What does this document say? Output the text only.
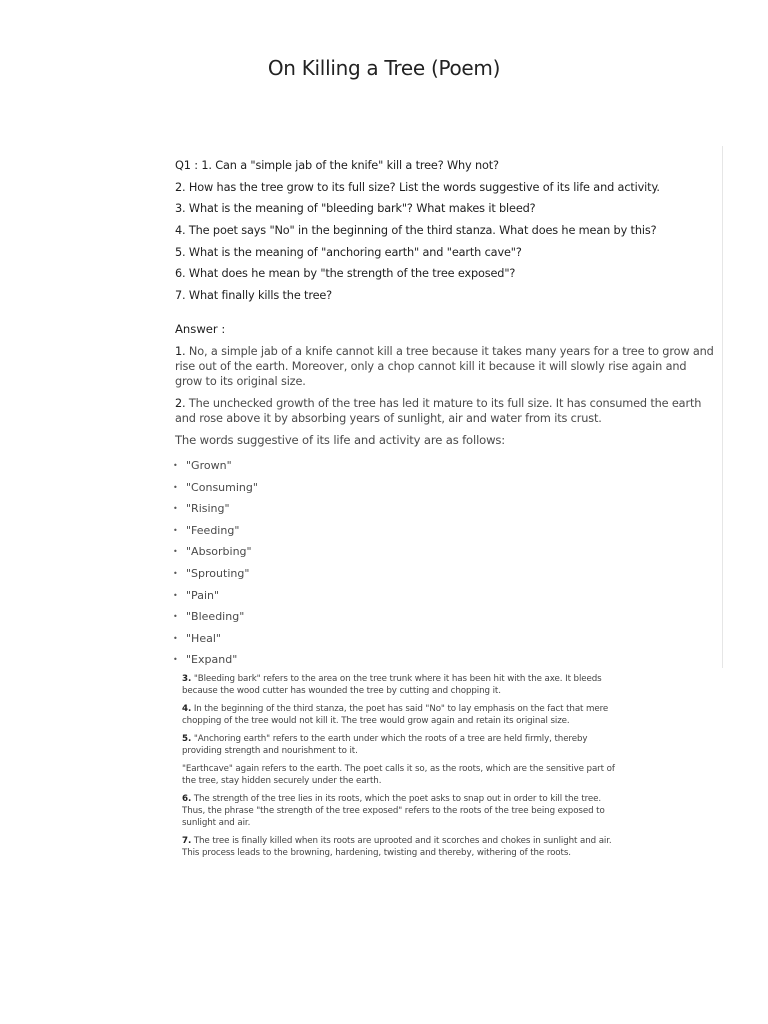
On Killing a Tree (Poem)
Q1 : 1. Can a "simple jab of the knife" kill a tree? Why not?
2. How has the tree grow to its full size? List the words suggestive of its life and activity.
3. What is the meaning of "bleeding bark"? What makes it bleed?
4. The poet says "No" in the beginning of the third stanza. What does he mean by this?
5. What is the meaning of "anchoring earth" and "earth cave"?
6. What does he mean by "the strength of the tree exposed"?
7. What finally kills the tree?
Answer :
1. No, a simple jab of a knife cannot kill a tree because it takes many years for a tree to grow and rise out of the earth. Moreover, only a chop cannot kill it because it will slowly rise again and grow to its original size.
2. The unchecked growth of the tree has led it mature to its full size. It has consumed the earth and rose above it by absorbing years of sunlight, air and water from its crust.
The words suggestive of its life and activity are as follows:
• "Grown"
• "Consuming"
• "Rising"
• "Feeding"
• "Absorbing"
• "Sprouting"
• "Pain"
• "Bleeding"
• "Heal"
• "Expand"
3. "Bleeding bark" refers to the area on the tree trunk where it has been hit with the axe. It bleeds because the wood cutter has wounded the tree by cutting and chopping it.
4. In the beginning of the third stanza, the poet has said "No" to lay emphasis on the fact that mere chopping of the tree would not kill it. The tree would grow again and retain its original size.
5. "Anchoring earth" refers to the earth under which the roots of a tree are held firmly, thereby providing strength and nourishment to it.
"Earthcave" again refers to the earth. The poet calls it so, as the roots, which are the sensitive part of the tree, stay hidden securely under the earth.
6. The strength of the tree lies in its roots, which the poet asks to snap out in order to kill the tree. Thus, the phrase "the strength of the tree exposed" refers to the roots of the tree being exposed to sunlight and air.
7. The tree is finally killed when its roots are uprooted and it scorches and chokes in sunlight and air. This process leads to the browning, hardening, twisting and thereby, withering of the roots.
